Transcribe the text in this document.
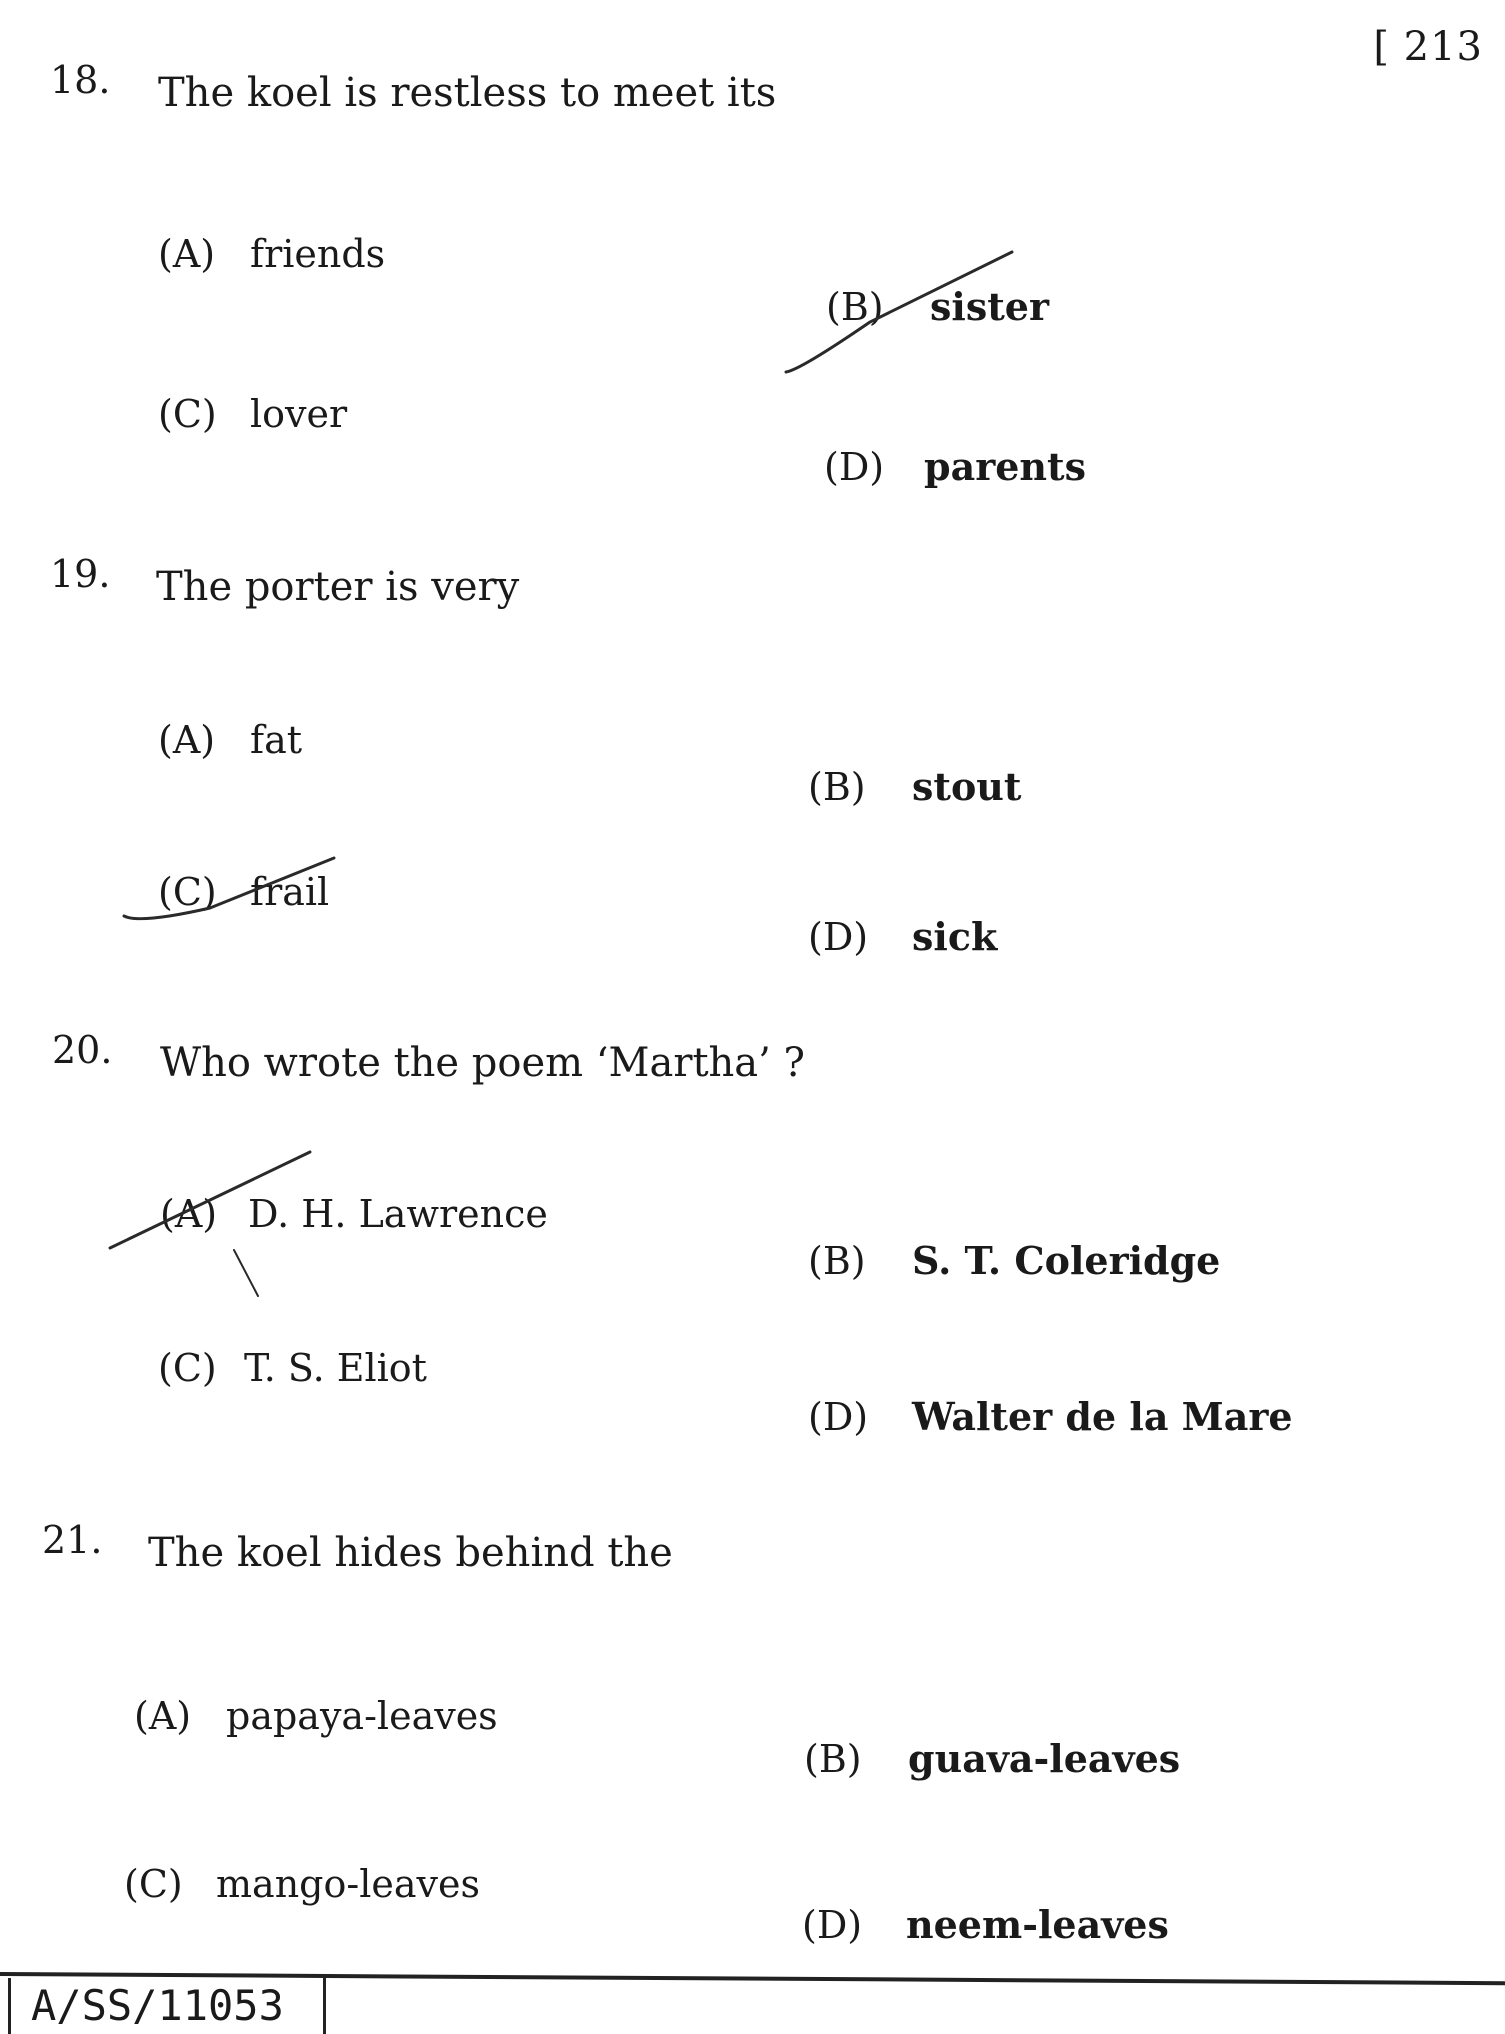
[ 213
18. The koel is restless to meet its
(A) friends
(B) sister
(C) lover
(D) parents
19. The porter is very
(A) fat
(B) stout
(C) frail
(D) sick
20. Who wrote the poem ‘Martha’ ?
(A) D. H. Lawrence
(B) S. T. Coleridge
(C) T. S. Eliot
(D) Walter de la Mare
21. The koel hides behind the
(A) papaya-leaves
(B) guava-leaves
(C) mango-leaves
(D) neem-leaves
A/SS/11053
